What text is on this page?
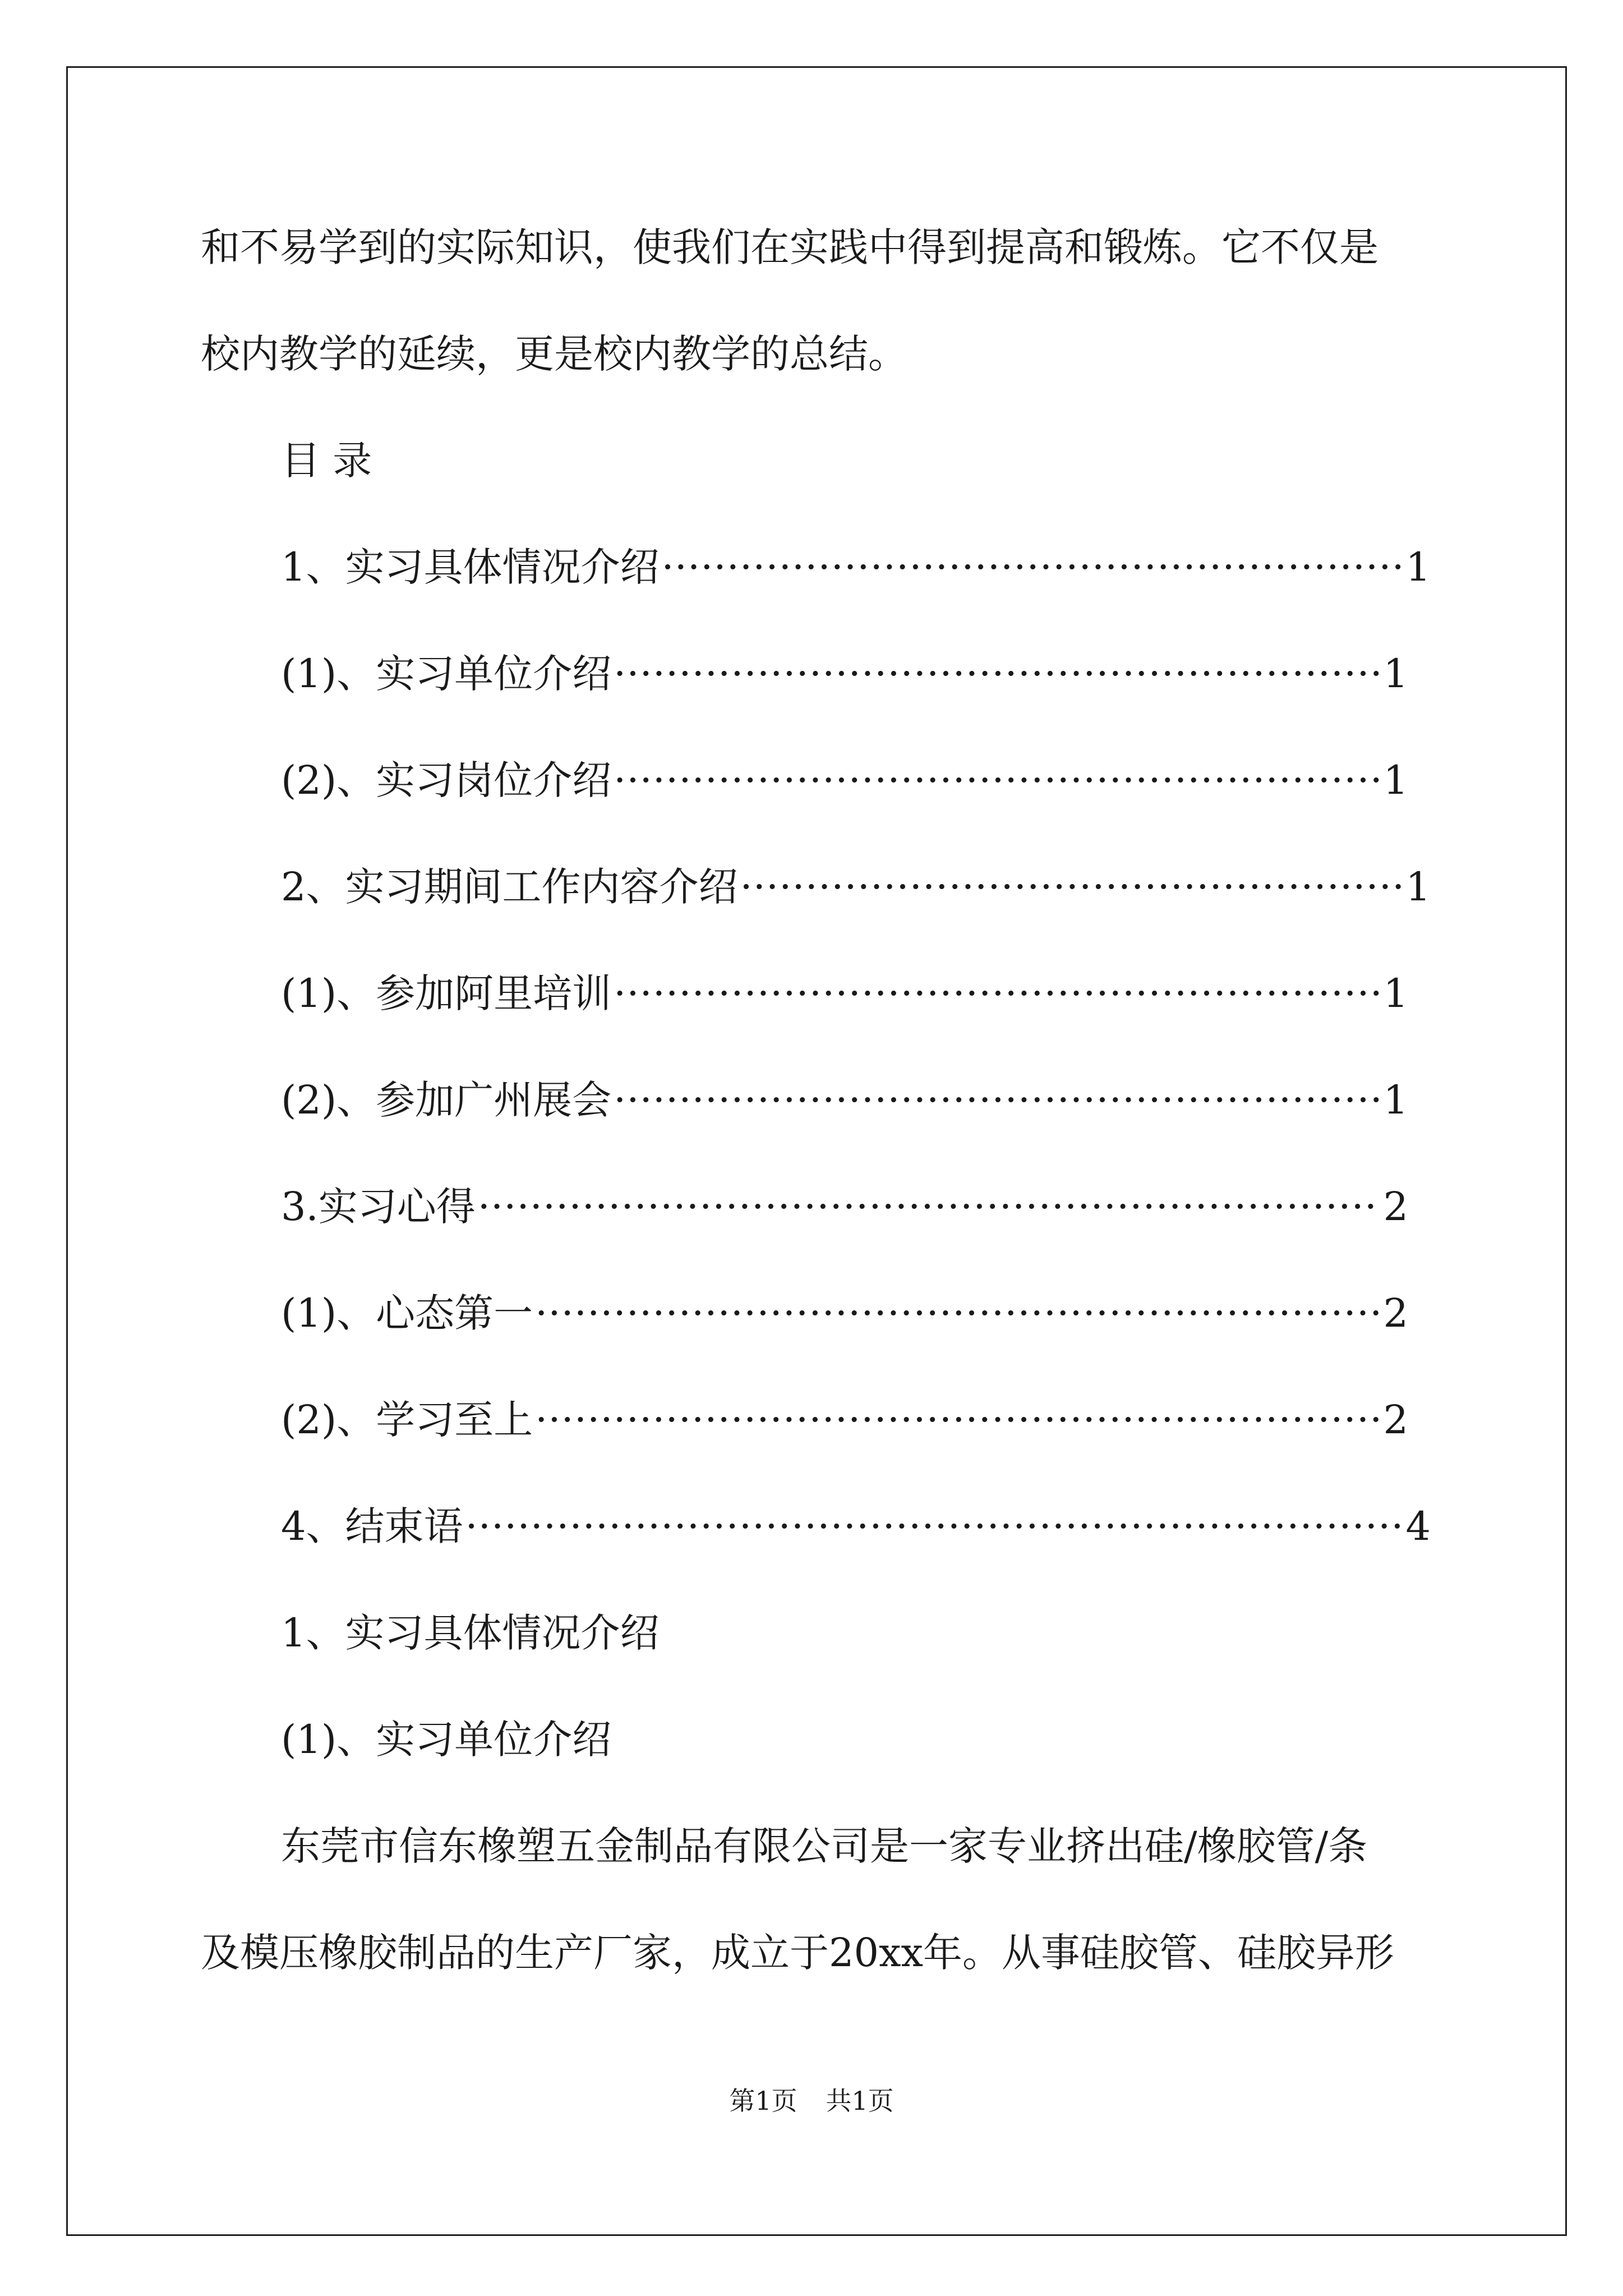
和不易学到的实际知识，使我们在实践中得到提高和锻炼。它不仅是
校内教学的延续，更是校内教学的总结。
目 录
1、实习具体情况介绍 ·····	1
(1)、实习单位介绍 ·····	1
(2)、实习岗位介绍 ·····	1
2、实习期间工作内容介绍 ·····	1
(1)、参加阿里培训 ·····	1
(2)、参加广州展会 ·····	1
3.实习心得 ·····	2
(1)、心态第一 ·····	2
(2)、学习至上 ·····	2
4、结束语 ·····	4
1、实习具体情况介绍
(1)、实习单位介绍
东莞市信东橡塑五金制品有限公司是一家专业挤出硅/橡胶管/条
及模压橡胶制品的生产厂家，成立于20xx年。从事硅胶管、硅胶异形
第1页 共1页
